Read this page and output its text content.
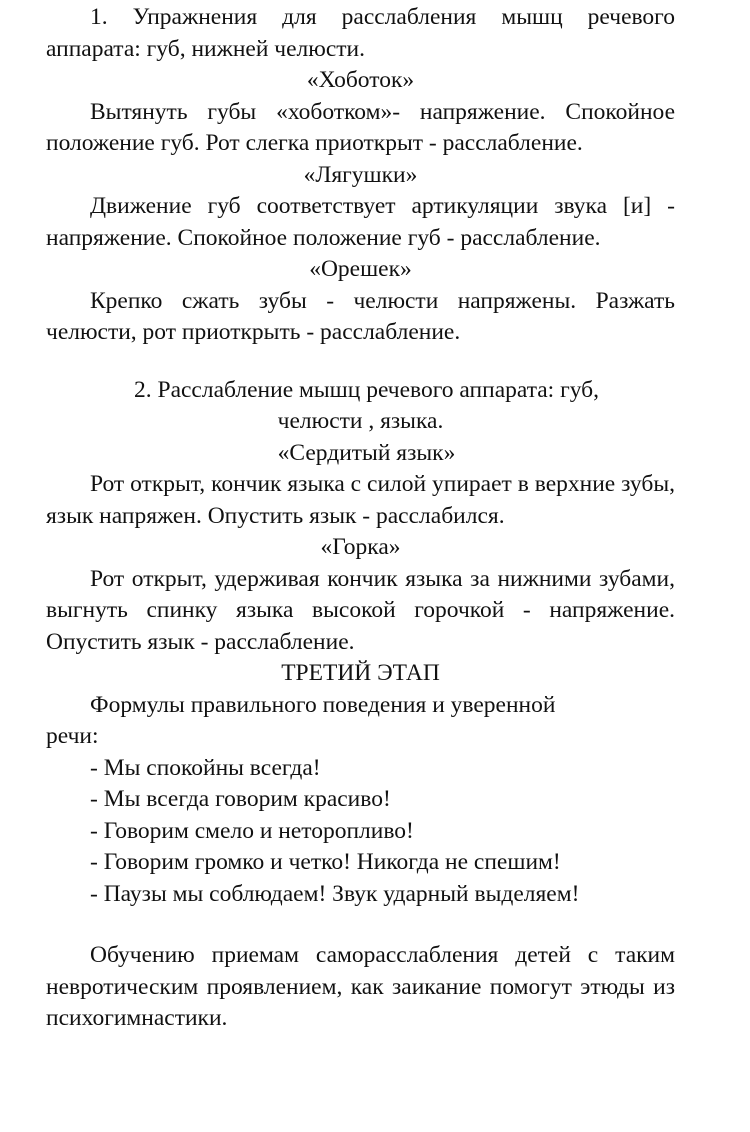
1. Упражнения для расслабления мышц речевого аппарата: губ, нижней челюсти.

«Хоботок»

Вытянуть губы «хоботком»- напряжение. Спокойное положение губ. Рот слегка приоткрыт - расслабление.

«Лягушки»

Движение губ соответствует артикуляции звука [и] - напряжение. Спокойное положение губ - расслабление.

«Орешек»

Крепко сжать зубы - челюсти напряжены. Разжать челюсти, рот приоткрыть - расслабление.

2. Расслабление мышц речевого аппарата: губ,

челюсти , языка.

«Сердитый язык»

Рот открыт, кончик языка с силой упирает в верхние зубы, язык напряжен. Опустить язык - расслабился.

«Горка»

Рот открыт, удерживая кончик языка за нижними зубами, выгнуть спинку языка высокой горочкой - напряжение. Опустить язык - расслабление.

ТРЕТИЙ ЭТАП

Формулы правильного поведения и уверенной

речи:

- Мы спокойны всегда!
- Мы всегда говорим красиво!
- Говорим смело и неторопливо!
- Говорим громко и четко! Никогда не спешим!
- Паузы мы соблюдаем! Звук ударный выделяем!

Обучению приемам саморасслабления детей с таким невротическим проявлением, как заикание помогут этюды из психогимнастики.
